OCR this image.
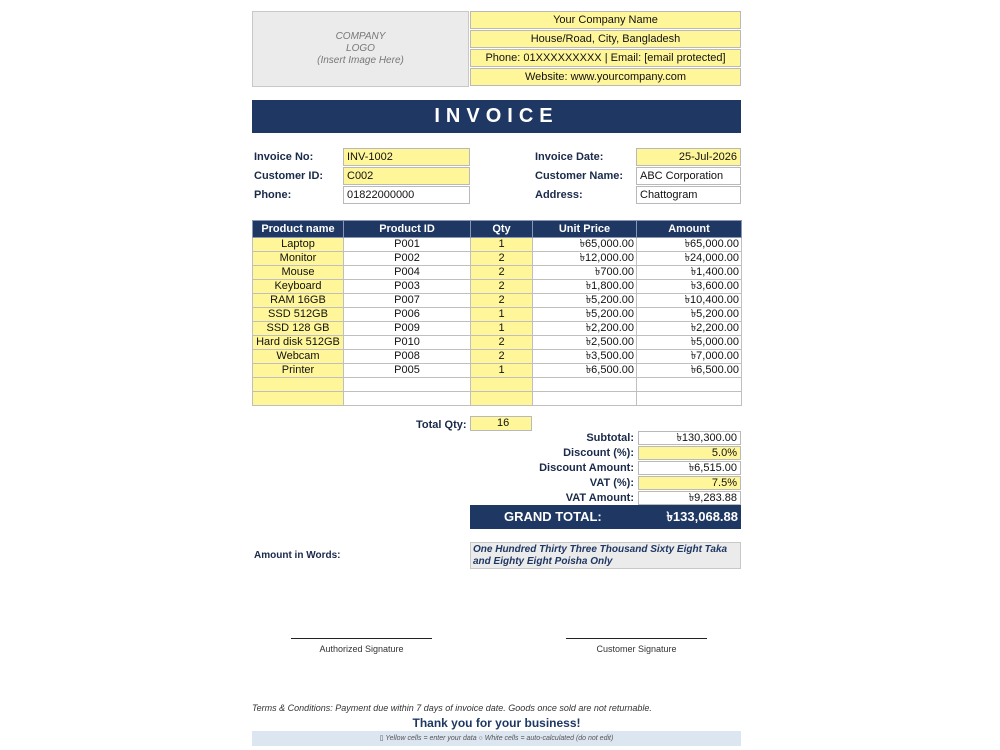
COMPANY
LOGO
(Insert Image Here)
Your Company Name
House/Road, City, Bangladesh
Phone: 01XXXXXXXXX | Email: [email protected]
Website: www.yourcompany.com
INVOICE
Invoice No:	INV-1002
Customer ID:	C002
Phone:	01822000000
Invoice Date:	25-Jul-2026
Customer Name:	ABC Corporation
Address:	Chattogram
Product name	Product ID	Qty	Unit Price	Amount
Laptop	P001	1	৳65,000.00	৳65,000.00
Monitor	P002	2	৳12,000.00	৳24,000.00
Mouse	P004	2	৳700.00	৳1,400.00
Keyboard	P003	2	৳1,800.00	৳3,600.00
RAM 16GB	P007	2	৳5,200.00	৳10,400.00
SSD 512GB	P006	1	৳5,200.00	৳5,200.00
SSD 128 GB	P009	1	৳2,200.00	৳2,200.00
Hard disk 512GB	P010	2	৳2,500.00	৳5,000.00
Webcam	P008	2	৳3,500.00	৳7,000.00
Printer	P005	1	৳6,500.00	৳6,500.00

Total Qty:	16
Subtotal:	৳130,300.00
Discount (%):	5.0%
Discount Amount:	৳6,515.00
VAT (%):	7.5%
VAT Amount:	৳9,283.88
GRAND TOTAL:	৳133,068.88
Amount in Words:
One Hundred Thirty Three Thousand Sixty Eight Taka and Eighty Eight Poisha Only
Authorized Signature	Customer Signature
Terms & Conditions: Payment due within 7 days of invoice date. Goods once sold are not returnable.
Thank you for your business!
▯ Yellow cells = enter your data ○ White cells = auto-calculated (do not edit)
